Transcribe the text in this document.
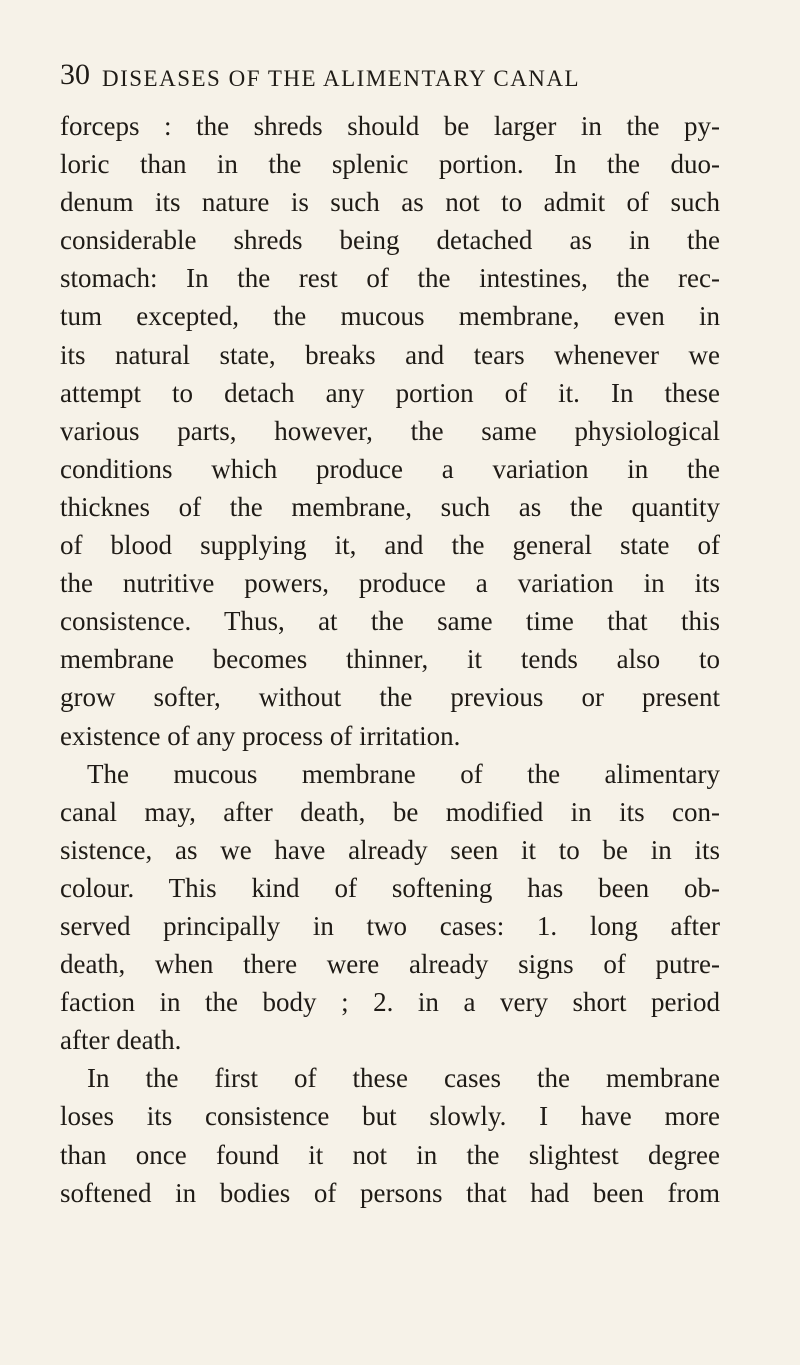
30 DISEASES OF THE ALIMENTARY CANAL
forceps : the shreds should be larger in the py-
loric than in the splenic portion. In the duo-
denum its nature is such as not to admit of such
considerable shreds being detached as in the
stomach: In the rest of the intestines, the rec-
tum excepted, the mucous membrane, even in
its natural state, breaks and tears whenever we
attempt to detach any portion of it. In these
various parts, however, the same physiological
conditions which produce a variation in the
thicknes of the membrane, such as the quantity
of blood supplying it, and the general state of
the nutritive powers, produce a variation in its
consistence. Thus, at the same time that this
membrane becomes thinner, it tends also to
grow softer, without the previous or present
existence of any process of irritation.
The mucous membrane of the alimentary
canal may, after death, be modified in its con-
sistence, as we have already seen it to be in its
colour. This kind of softening has been ob-
served principally in two cases: 1. long after
death, when there were already signs of putre-
faction in the body ; 2. in a very short period
after death.
In the first of these cases the membrane
loses its consistence but slowly. I have more
than once found it not in the slightest degree
softened in bodies of persons that had been from
